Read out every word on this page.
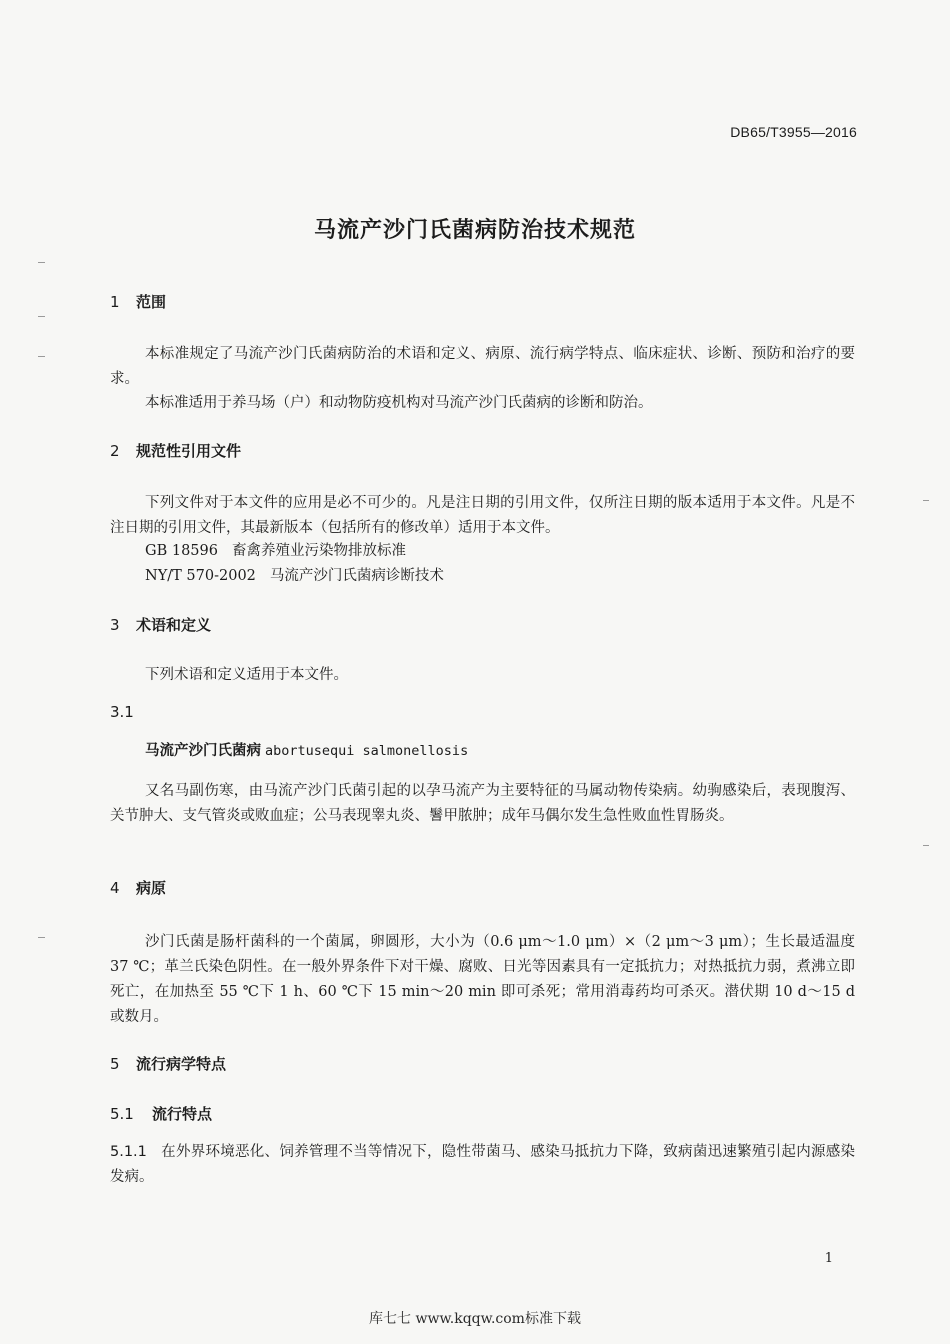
DB65/T3955—2016
马流产沙门氏菌病防治技术规范
1 范围
本标准规定了马流产沙门氏菌病防治的术语和定义、病原、流行病学特点、临床症状、诊断、预防和治疗的要求。
本标准适用于养马场（户）和动物防疫机构对马流产沙门氏菌病的诊断和防治。
2 规范性引用文件
下列文件对于本文件的应用是必不可少的。凡是注日期的引用文件，仅所注日期的版本适用于本文件。凡是不注日期的引用文件，其最新版本（包括所有的修改单）适用于本文件。
GB 18596 畜禽养殖业污染物排放标准
NY/T 570-2002 马流产沙门氏菌病诊断技术
3 术语和定义
下列术语和定义适用于本文件。
3.1
马流产沙门氏菌病 abortusequi salmonellosis
又名马副伤寒，由马流产沙门氏菌引起的以孕马流产为主要特征的马属动物传染病。幼驹感染后，表现腹泻、关节肿大、支气管炎或败血症；公马表现睾丸炎、鬐甲脓肿；成年马偶尔发生急性败血性胃肠炎。
4 病原
沙门氏菌是肠杆菌科的一个菌属，卵圆形，大小为（0.6 μm～1.0 μm）×（2 μm～3 μm）；生长最适温度 37 ℃；革兰氏染色阴性。在一般外界条件下对干燥、腐败、日光等因素具有一定抵抗力；对热抵抗力弱，煮沸立即死亡，在加热至 55 ℃下 1 h、60 ℃下 15 min～20 min 即可杀死；常用消毒药均可杀灭。潜伏期 10 d～15 d 或数月。
5 流行病学特点
5.1 流行特点
5.1.1 在外界环境恶化、饲养管理不当等情况下，隐性带菌马、感染马抵抗力下降，致病菌迅速繁殖引起内源感染发病。
1
库七七 www.kqqw.com标准下载
